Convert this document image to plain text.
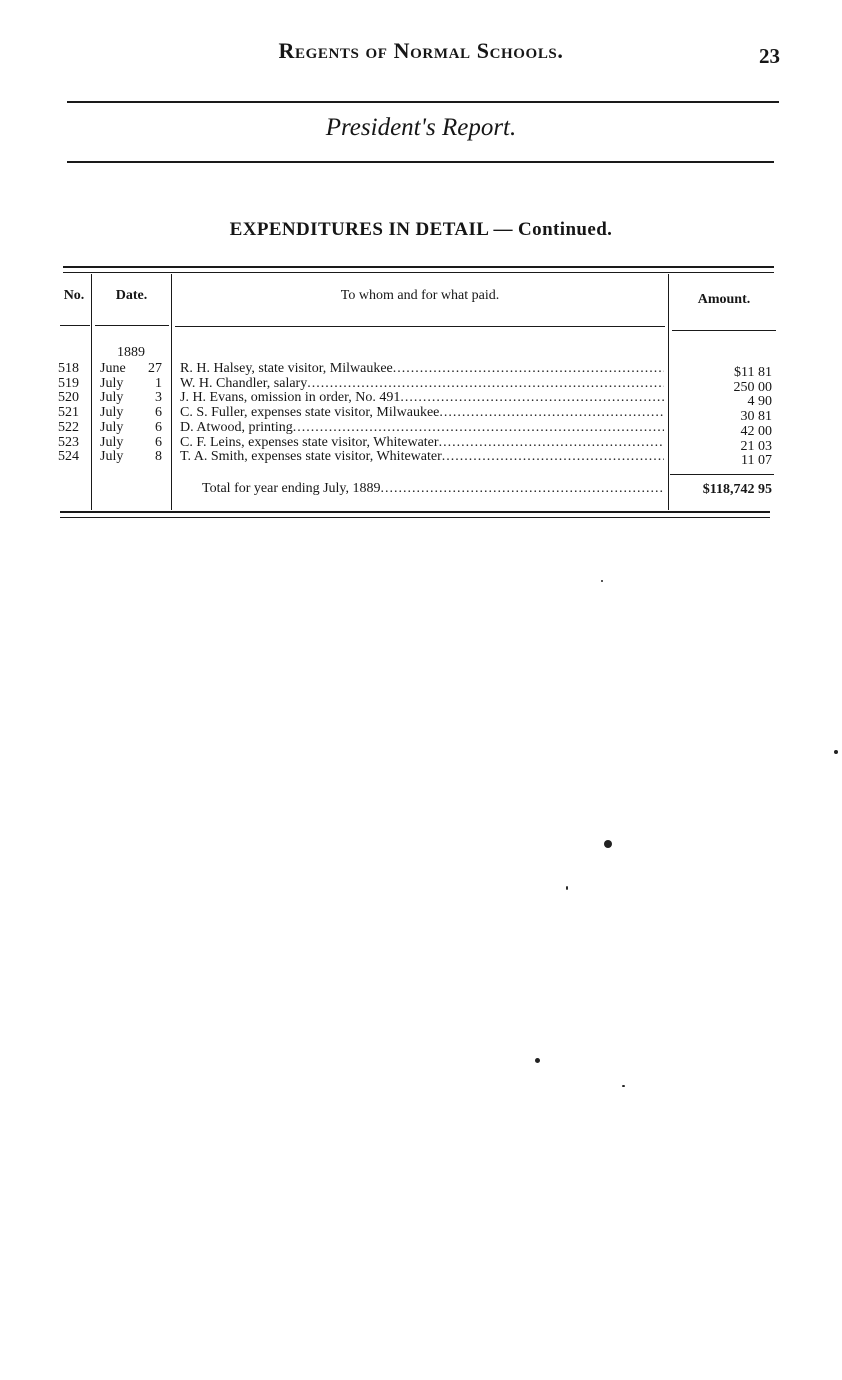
Regents of Normal Schools.	23
President's Report.
EXPENDITURES IN DETAIL — Continued.
No.	Date.	To whom and for what paid.	Amount.
1889
518
519
520
521
522
523
524
June 27
July 1
July 3
July 6
July 6
July 6
July 8
R. H. Halsey, state visitor, Milwaukee
.....
W. H. Chandler, salary
.....
J. H. Evans, omission in order, No. 491
.....
C. S. Fuller, expenses state visitor, Milwaukee
.....
D. Atwood, printing
.....
C. F. Leins, expenses state visitor, Whitewater
.....
T. A. Smith, expenses state visitor, Whitewater
.....
$11 81
250 00
4 90
30 81
42 00
21 03
11 07
Total for year ending July, 1889
.....	$118,742 95
